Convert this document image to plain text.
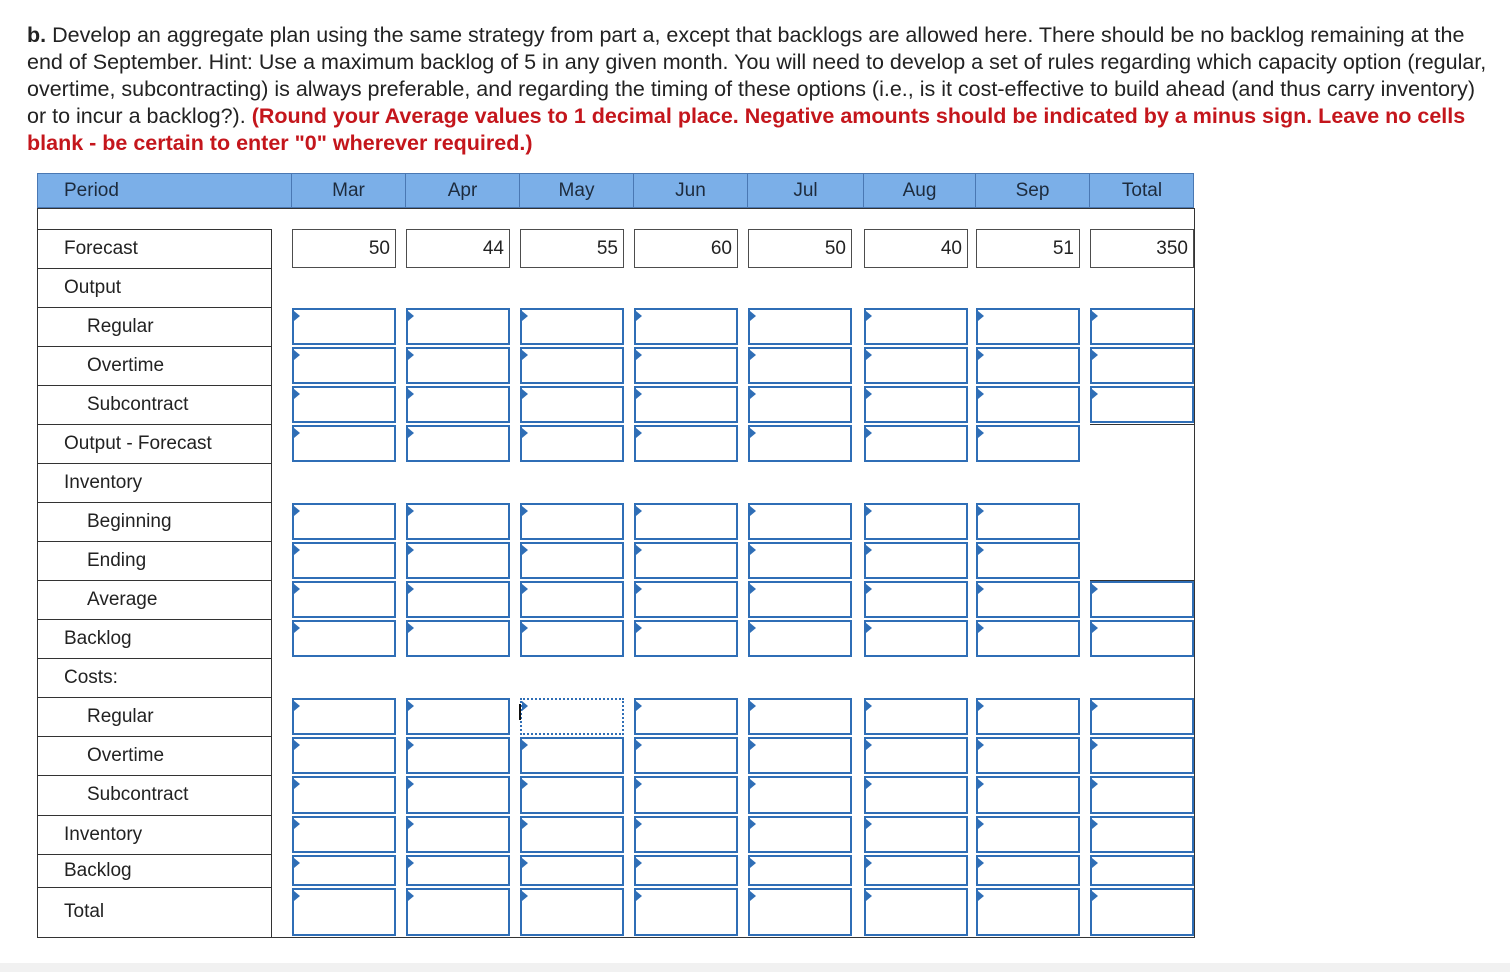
b. Develop an aggregate plan using the same strategy from part a, except that backlogs are allowed here. There should be no backlog remaining at the end of September. Hint: Use a maximum backlog of 5 in any given month. You will need to develop a set of rules regarding which capacity option (regular, overtime, subcontracting) is always preferable, and regarding the timing of these options (i.e., is it cost-effective to build ahead (and thus carry inventory) or to incur a backlog?). (Round your Average values to 1 decimal place. Negative amounts should be indicated by a minus sign. Leave no cells blank - be certain to enter "0" wherever required.)
Period	Mar	Apr	May	Jun	Jul	Aug	Sep	Total
Forecast	50	44	55	60	50	40	51	350
Output
Regular
Overtime
Subcontract
Output - Forecast
Inventory
Beginning
Ending
Average
Backlog
Costs:
Regular
Overtime
Subcontract
Inventory
Backlog
Total
